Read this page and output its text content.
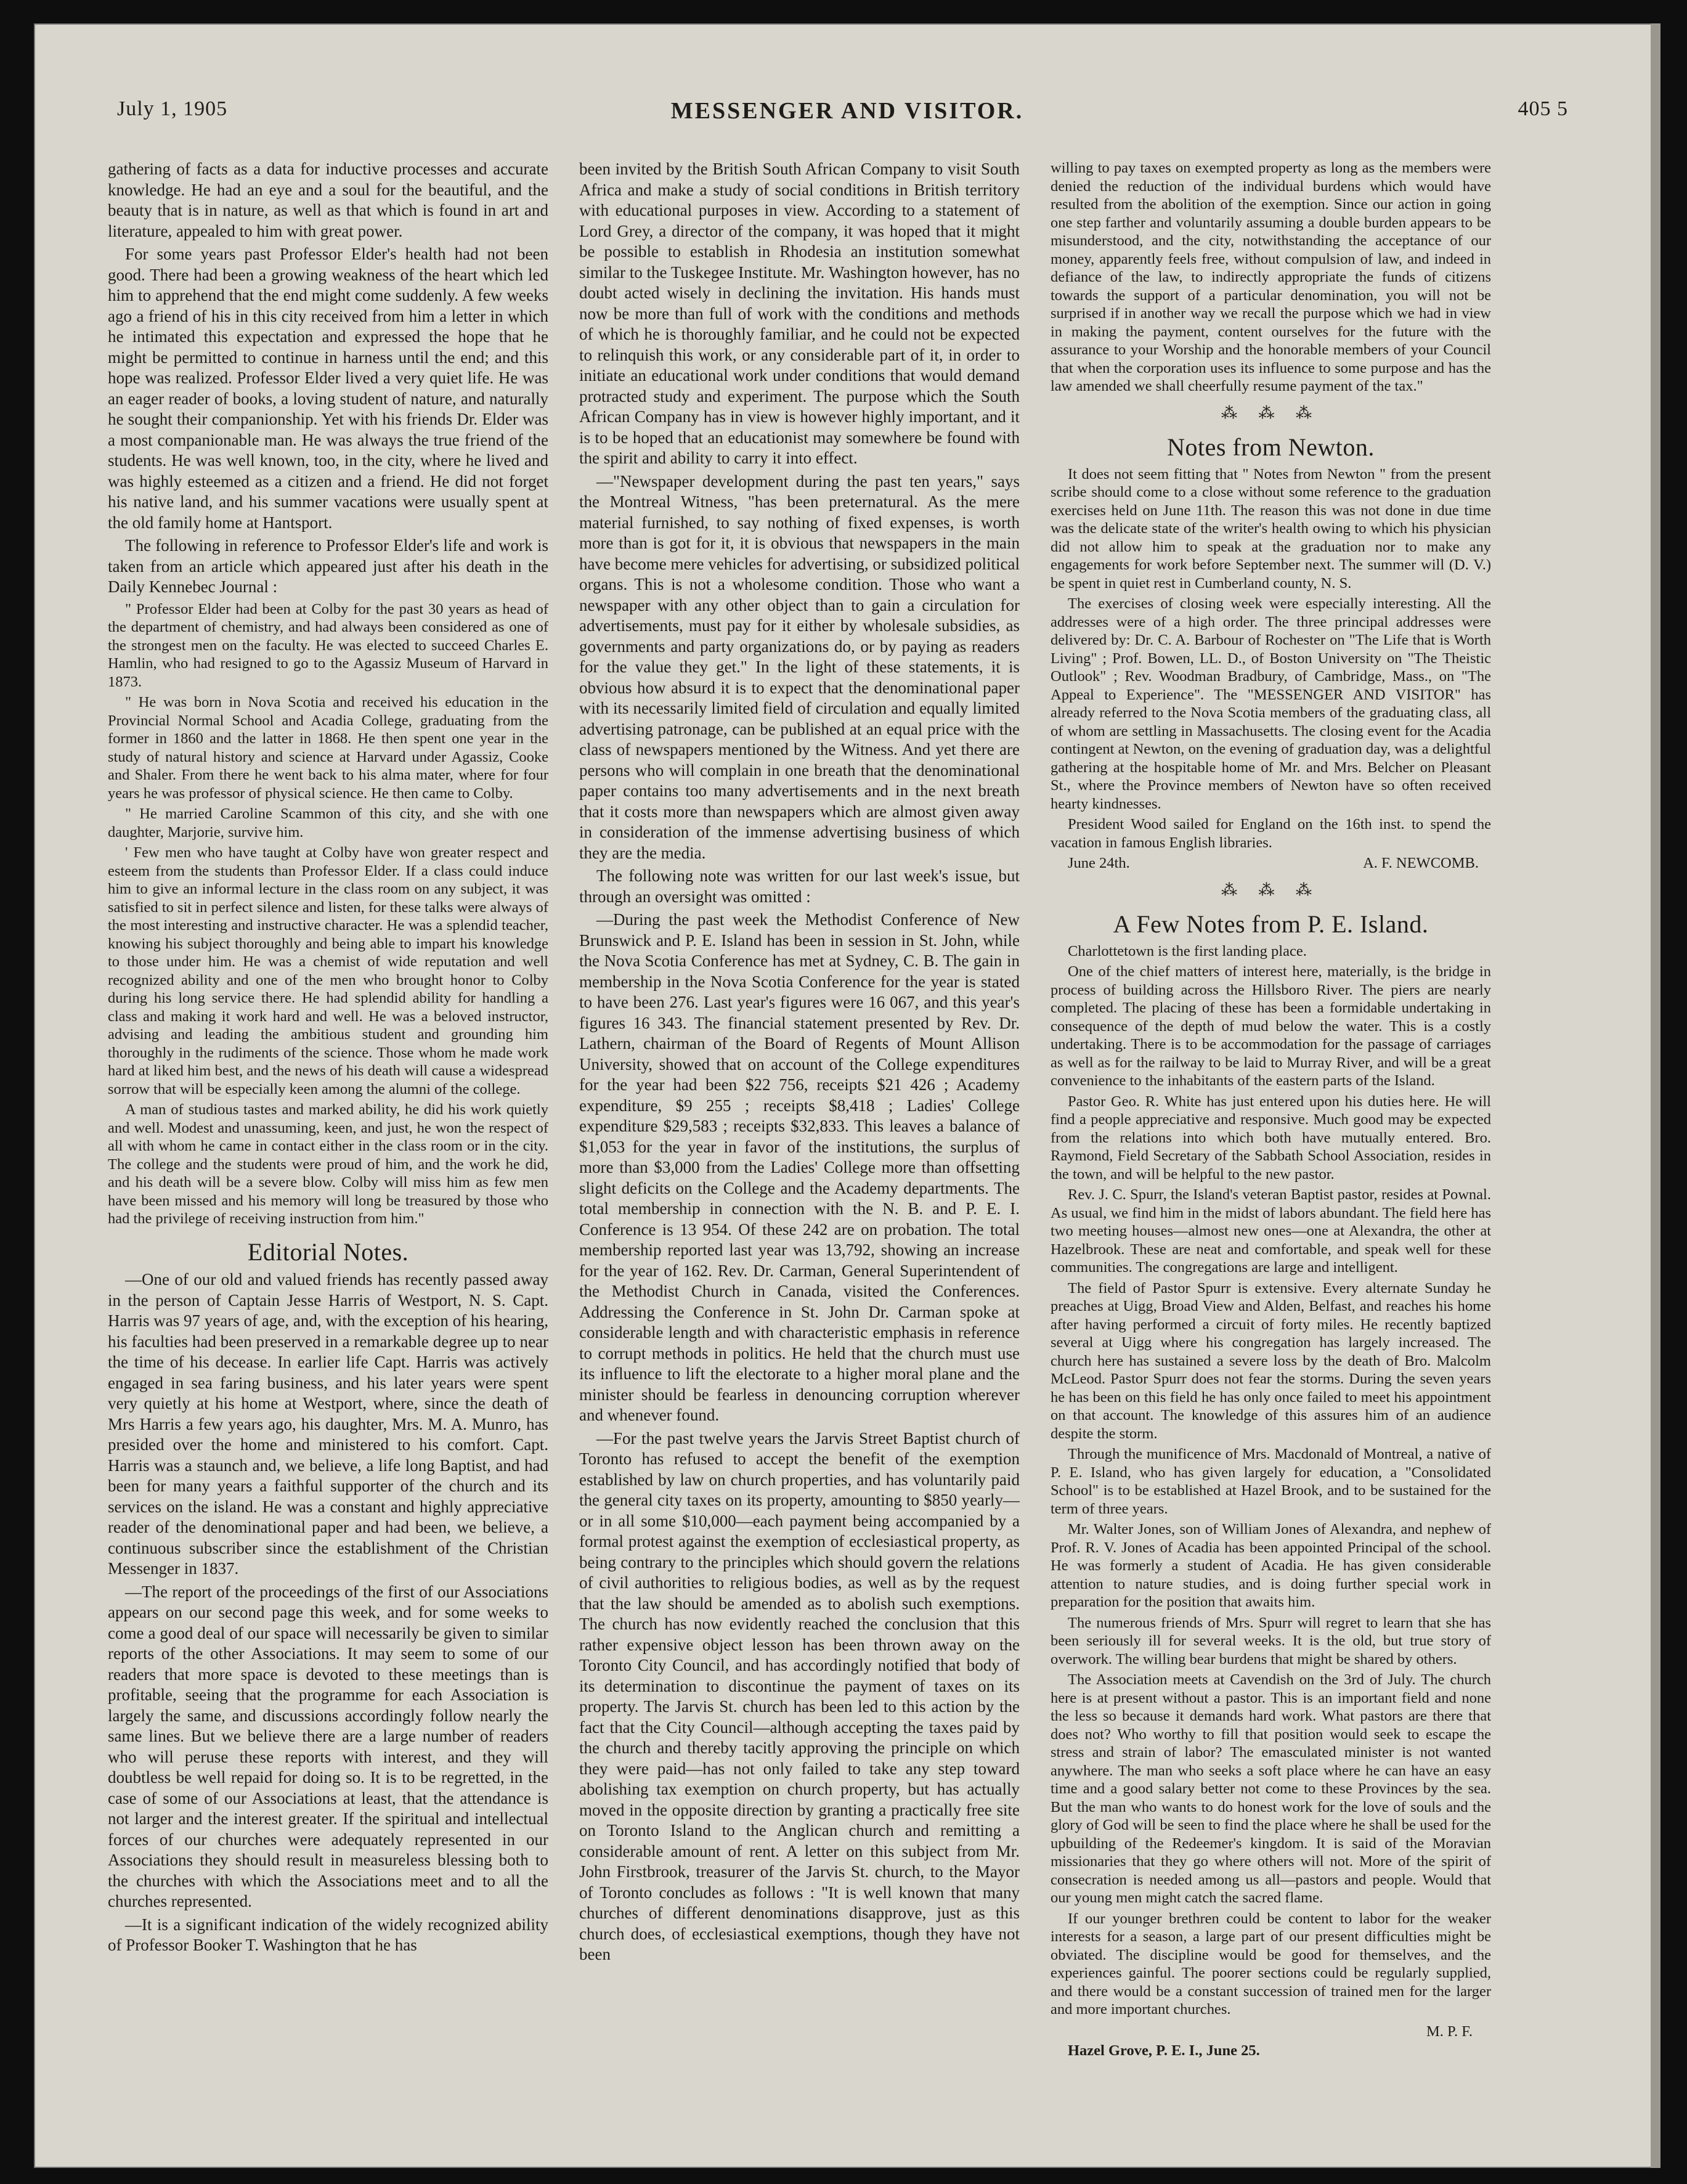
July 1, 1905	MESSENGER AND VISITOR.	405 5

gathering of facts as a data for inductive processes and accurate knowledge. He had an eye and a soul for the beautiful, and the beauty that is in nature, as well as that which is found in art and literature, appealed to him with great power.

For some years past Professor Elder's health had not been good. There had been a growing weakness of the heart which led him to apprehend that the end might come suddenly. A few weeks ago a friend of his in this city received from him a letter in which he intimated this expectation and expressed the hope that he might be permitted to continue in harness until the end; and this hope was realized. Professor Elder lived a very quiet life. He was an eager reader of books, a loving student of nature, and naturally he sought their companionship. Yet with his friends Dr. Elder was a most companionable man. He was always the true friend of the students. He was well known, too, in the city, where he lived and was highly esteemed as a citizen and a friend. He did not forget his native land, and his summer vacations were usually spent at the old family home at Hantsport.

The following in reference to Professor Elder's life and work is taken from an article which appeared just after his death in the Daily Kennebec Journal :

" Professor Elder had been at Colby for the past 30 years as head of the department of chemistry, and had always been considered as one of the strongest men on the faculty. He was elected to succeed Charles E. Hamlin, who had resigned to go to the Agassiz Museum of Harvard in 1873.

" He was born in Nova Scotia and received his education in the Provincial Normal School and Acadia College, graduating from the former in 1860 and the latter in 1868. He then spent one year in the study of natural history and science at Harvard under Agassiz, Cooke and Shaler. From there he went back to his alma mater, where for four years he was professor of physical science. He then came to Colby.

" He married Caroline Scammon of this city, and she with one daughter, Marjorie, survive him.

' Few men who have taught at Colby have won greater respect and esteem from the students than Professor Elder. If a class could induce him to give an informal lecture in the class room on any subject, it was satisfied to sit in perfect silence and listen, for these talks were always of the most interesting and instructive character. He was a splendid teacher, knowing his subject thoroughly and being able to impart his knowledge to those under him. He was a chemist of wide reputation and well recognized ability and one of the men who brought honor to Colby during his long service there. He had splendid ability for handling a class and making it work hard and well. He was a beloved instructor, advising and leading the ambitious student and grounding him thoroughly in the rudiments of the science. Those whom he made work hard at liked him best, and the news of his death will cause a widespread sorrow that will be especially keen among the alumni of the college.

A man of studious tastes and marked ability, he did his work quietly and well. Modest and unassuming, keen, and just, he won the respect of all with whom he came in contact either in the class room or in the city. The college and the students were proud of him, and the work he did, and his death will be a severe blow. Colby will miss him as few men have been missed and his memory will long be treasured by those who had the privilege of receiving instruction from him."

Editorial Notes.

—One of our old and valued friends has recently passed away in the person of Captain Jesse Harris of Westport, N. S. Capt. Harris was 97 years of age, and, with the exception of his hearing, his faculties had been preserved in a remarkable degree up to near the time of his decease. In earlier life Capt. Harris was actively engaged in sea faring business, and his later years were spent very quietly at his home at Westport, where, since the death of Mrs Harris a few years ago, his daughter, Mrs. M. A. Munro, has presided over the home and ministered to his comfort. Capt. Harris was a staunch and, we believe, a life long Baptist, and had been for many years a faithful supporter of the church and its services on the island. He was a constant and highly appreciative reader of the denominational paper and had been, we believe, a continuous subscriber since the establishment of the Christian Messenger in 1837.

—The report of the proceedings of the first of our Associations appears on our second page this week, and for some weeks to come a good deal of our space will necessarily be given to similar reports of the other Associations. It may seem to some of our readers that more space is devoted to these meetings than is profitable, seeing that the programme for each Association is largely the same, and discussions accordingly follow nearly the same lines. But we believe there are a large number of readers who will peruse these reports with interest, and they will doubtless be well repaid for doing so. It is to be regretted, in the case of some of our Associations at least, that the attendance is not larger and the interest greater. If the spiritual and intellectual forces of our churches were adequately represented in our Associations they should result in measureless blessing both to the churches with which the Associations meet and to all the churches represented.

—It is a significant indication of the widely recognized ability of Professor Booker T. Washington that he has

been invited by the British South African Company to visit South Africa and make a study of social conditions in British territory with educational purposes in view. According to a statement of Lord Grey, a director of the company, it was hoped that it might be possible to establish in Rhodesia an institution somewhat similar to the Tuskegee Institute. Mr. Washington however, has no doubt acted wisely in declining the invitation. His hands must now be more than full of work with the conditions and methods of which he is thoroughly familiar, and he could not be expected to relinquish this work, or any considerable part of it, in order to initiate an educational work under conditions that would demand protracted study and experiment. The purpose which the South African Company has in view is however highly important, and it is to be hoped that an educationist may somewhere be found with the spirit and ability to carry it into effect.

—"Newspaper development during the past ten years," says the Montreal Witness, "has been preternatural. As the mere material furnished, to say nothing of fixed expenses, is worth more than is got for it, it is obvious that newspapers in the main have become mere vehicles for advertising, or subsidized political organs. This is not a wholesome condition. Those who want a newspaper with any other object than to gain a circulation for advertisements, must pay for it either by wholesale subsidies, as governments and party organizations do, or by paying as readers for the value they get." In the light of these statements, it is obvious how absurd it is to expect that the denominational paper with its necessarily limited field of circulation and equally limited advertising patronage, can be published at an equal price with the class of newspapers mentioned by the Witness. And yet there are persons who will complain in one breath that the denominational paper contains too many advertisements and in the next breath that it costs more than newspapers which are almost given away in consideration of the immense advertising business of which they are the media.

The following note was written for our last week's issue, but through an oversight was omitted :

—During the past week the Methodist Conference of New Brunswick and P. E. Island has been in session in St. John, while the Nova Scotia Conference has met at Sydney, C. B. The gain in membership in the Nova Scotia Conference for the year is stated to have been 276. Last year's figures were 16 067, and this year's figures 16 343. The financial statement presented by Rev. Dr. Lathern, chairman of the Board of Regents of Mount Allison University, showed that on account of the College expenditures for the year had been $22 756, receipts $21 426 ; Academy expenditure, $9 255 ; receipts $8,418 ; Ladies' College expenditure $29,583 ; receipts $32,833. This leaves a balance of $1,053 for the year in favor of the institutions, the surplus of more than $3,000 from the Ladies' College more than offsetting slight deficits on the College and the Academy departments. The total membership in connection with the N. B. and P. E. I. Conference is 13 954. Of these 242 are on probation. The total membership reported last year was 13,792, showing an increase for the year of 162. Rev. Dr. Carman, General Superintendent of the Methodist Church in Canada, visited the Conferences. Addressing the Conference in St. John Dr. Carman spoke at considerable length and with characteristic emphasis in reference to corrupt methods in politics. He held that the church must use its influence to lift the electorate to a higher moral plane and the minister should be fearless in denouncing corruption wherever and whenever found.

—For the past twelve years the Jarvis Street Baptist church of Toronto has refused to accept the benefit of the exemption established by law on church properties, and has voluntarily paid the general city taxes on its property, amounting to $850 yearly—or in all some $10,000—each payment being accompanied by a formal protest against the exemption of ecclesiastical property, as being contrary to the principles which should govern the relations of civil authorities to religious bodies, as well as by the request that the law should be amended as to abolish such exemptions. The church has now evidently reached the conclusion that this rather expensive object lesson has been thrown away on the Toronto City Council, and has accordingly notified that body of its determination to discontinue the payment of taxes on its property. The Jarvis St. church has been led to this action by the fact that the City Council—although accepting the taxes paid by the church and thereby tacitly approving the principle on which they were paid—has not only failed to take any step toward abolishing tax exemption on church property, but has actually moved in the opposite direction by granting a practically free site on Toronto Island to the Anglican church and remitting a considerable amount of rent. A letter on this subject from Mr. John Firstbrook, treasurer of the Jarvis St. church, to the Mayor of Toronto concludes as follows : "It is well known that many churches of different denominations disapprove, just as this church does, of ecclesiastical exemptions, though they have not been

willing to pay taxes on exempted property as long as the members were denied the reduction of the individual burdens which would have resulted from the abolition of the exemption. Since our action in going one step farther and voluntarily assuming a double burden appears to be misunderstood, and the city, notwithstanding the acceptance of our money, apparently feels free, without compulsion of law, and indeed in defiance of the law, to indirectly appropriate the funds of citizens towards the support of a particular denomination, you will not be surprised if in another way we recall the purpose which we had in view in making the payment, content ourselves for the future with the assurance to your Worship and the honorable members of your Council that when the corporation uses its influence to some purpose and has the law amended we shall cheerfully resume payment of the tax."

⁂ ⁂ ⁂
Notes from Newton.

It does not seem fitting that " Notes from Newton " from the present scribe should come to a close without some reference to the graduation exercises held on June 11th. The reason this was not done in due time was the delicate state of the writer's health owing to which his physician did not allow him to speak at the graduation nor to make any engagements for work before September next. The summer will (D. V.) be spent in quiet rest in Cumberland county, N. S.

The exercises of closing week were especially interesting. All the addresses were of a high order. The three principal addresses were delivered by: Dr. C. A. Barbour of Rochester on "The Life that is Worth Living" ; Prof. Bowen, LL. D., of Boston University on "The Theistic Outlook" ; Rev. Woodman Bradbury, of Cambridge, Mass., on "The Appeal to Experience". The "MESSENGER AND VISITOR" has already referred to the Nova Scotia members of the graduating class, all of whom are settling in Massachusetts. The closing event for the Acadia contingent at Newton, on the evening of graduation day, was a delightful gathering at the hospitable home of Mr. and Mrs. Belcher on Pleasant St., where the Province members of Newton have so often received hearty kindnesses.

President Wood sailed for England on the 16th inst. to spend the vacation in famous English libraries.

June 24th.	A. F. NEWCOMB.
⁂ ⁂ ⁂
A Few Notes from P. E. Island.

Charlottetown is the first landing place.

One of the chief matters of interest here, materially, is the bridge in process of building across the Hillsboro River. The piers are nearly completed. The placing of these has been a formidable undertaking in consequence of the depth of mud below the water. This is a costly undertaking. There is to be accommodation for the passage of carriages as well as for the railway to be laid to Murray River, and will be a great convenience to the inhabitants of the eastern parts of the Island.

Pastor Geo. R. White has just entered upon his duties here. He will find a people appreciative and responsive. Much good may be expected from the relations into which both have mutually entered. Bro. Raymond, Field Secretary of the Sabbath School Association, resides in the town, and will be helpful to the new pastor.

Rev. J. C. Spurr, the Island's veteran Baptist pastor, resides at Pownal. As usual, we find him in the midst of labors abundant. The field here has two meeting houses—almost new ones—one at Alexandra, the other at Hazelbrook. These are neat and comfortable, and speak well for these communities. The congregations are large and intelligent.

The field of Pastor Spurr is extensive. Every alternate Sunday he preaches at Uigg, Broad View and Alden, Belfast, and reaches his home after having performed a circuit of forty miles. He recently baptized several at Uigg where his congregation has largely increased. The church here has sustained a severe loss by the death of Bro. Malcolm McLeod. Pastor Spurr does not fear the storms. During the seven years he has been on this field he has only once failed to meet his appointment on that account. The knowledge of this assures him of an audience despite the storm.

Through the munificence of Mrs. Macdonald of Montreal, a native of P. E. Island, who has given largely for education, a "Consolidated School" is to be established at Hazel Brook, and to be sustained for the term of three years.

Mr. Walter Jones, son of William Jones of Alexandra, and nephew of Prof. R. V. Jones of Acadia has been appointed Principal of the school. He was formerly a student of Acadia. He has given considerable attention to nature studies, and is doing further special work in preparation for the position that awaits him.

The numerous friends of Mrs. Spurr will regret to learn that she has been seriously ill for several weeks. It is the old, but true story of overwork. The willing bear burdens that might be shared by others.

The Association meets at Cavendish on the 3rd of July. The church here is at present without a pastor. This is an important field and none the less so because it demands hard work. What pastors are there that does not? Who worthy to fill that position would seek to escape the stress and strain of labor? The emasculated minister is not wanted anywhere. The man who seeks a soft place where he can have an easy time and a good salary better not come to these Provinces by the sea. But the man who wants to do honest work for the love of souls and the glory of God will be seen to find the place where he shall be used for the upbuilding of the Redeemer's kingdom. It is said of the Moravian missionaries that they go where others will not. More of the spirit of consecration is needed among us all—pastors and people. Would that our young men might catch the sacred flame.

If our younger brethren could be content to labor for the weaker interests for a season, a large part of our present difficulties might be obviated. The discipline would be good for themselves, and the experiences gainful. The poorer sections could be regularly supplied, and there would be a constant succession of trained men for the larger and more important churches.

M. P. F.
Hazel Grove, P. E. I., June 25.
